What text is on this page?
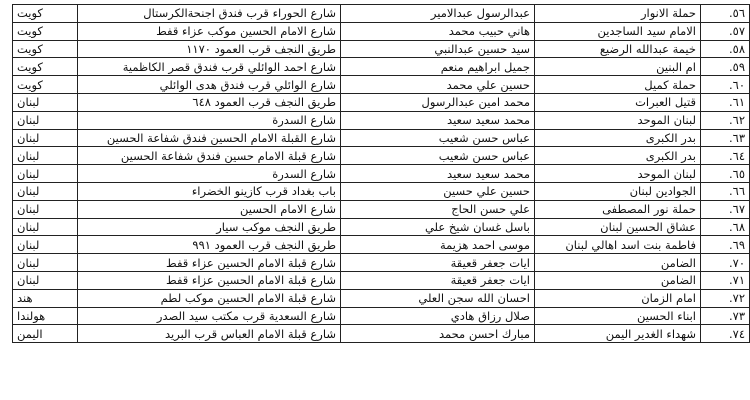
كويت	شارع الحوراء قرب فندق اجنحةالكرستال	عبدالرسول عبدالامير	حملة الانوار	٥٦.
كويت	شارع الامام الحسين موكب عزاء قفط	هاني حبيب محمد	الامام سيد الساجدين	٥٧.
كويت	طريق النجف قرب العمود ١١٧٠	سيد حسين عبدالنبي	خيمة عبدالله الرضيع	٥٨.
كويت	شارع احمد الوائلي قرب فندق قصر الكاظمية	جميل ابراهيم منعم	ام البنين	٥٩.
كويت	شارع الوائلي قرب فندق هدى الوائلي	حسين علي محمد	حملة كميل	٦٠.
لبنان	طريق النجف قرب العمود ٦٤٨	محمد امين عبدالرسول	قتيل العبرات	٦١.
لبنان	شارع السدرة	محمد سعيد سعيد	لبنان الموحد	٦٢.
لبنان	شارع القبلة الامام الحسين فندق شفاعة الحسين	عباس حسن شعيب	بدر الكبرى	٦٣.
لبنان	شارع قبلة الامام حسين فندق شفاعة الحسين	عباس حسن شعيب	بدر الكبرى	٦٤.
لبنان	شارع السدرة	محمد سعيد سعيد	لبنان الموحد	٦٥.
لبنان	باب بغداد قرب كازينو الخضراء	حسين علي حسين	الجوادين لبنان	٦٦.
لبنان	شارع الامام الحسين	علي حسن الحاج	حملة نور المصطفى	٦٧.
لبنان	طريق النجف موكب سيار	باسل غسان شيخ علي	عشاق الحسين لبنان	٦٨.
لبنان	طريق النجف قرب العمود ٩٩١	موسى احمد هزيمة	فاطمة بنت اسد اهالي لبنان	٦٩.
لبنان	شارع قبلة الامام الحسين عزاء قفط	ايات جعفر قعيقة	الضامن	٧٠.
لبنان	شارع قبلة الامام الحسين عزاء قفط	ايات جعفر قعيقة	الضامن	٧١.
هند	شارع قبلة الامام الحسين موكب لطم	احسان الله سجن العلي	امام الزمان	٧٢.
هولندا	شارع السعدية قرب مكتب سيد الصدر	صلال رزاق هادي	ابناء الحسين	٧٣.
اليمن	شارع قبلة الامام العباس قرب البريد	مبارك احسن محمد	شهداء الغدير اليمن	٧٤.
